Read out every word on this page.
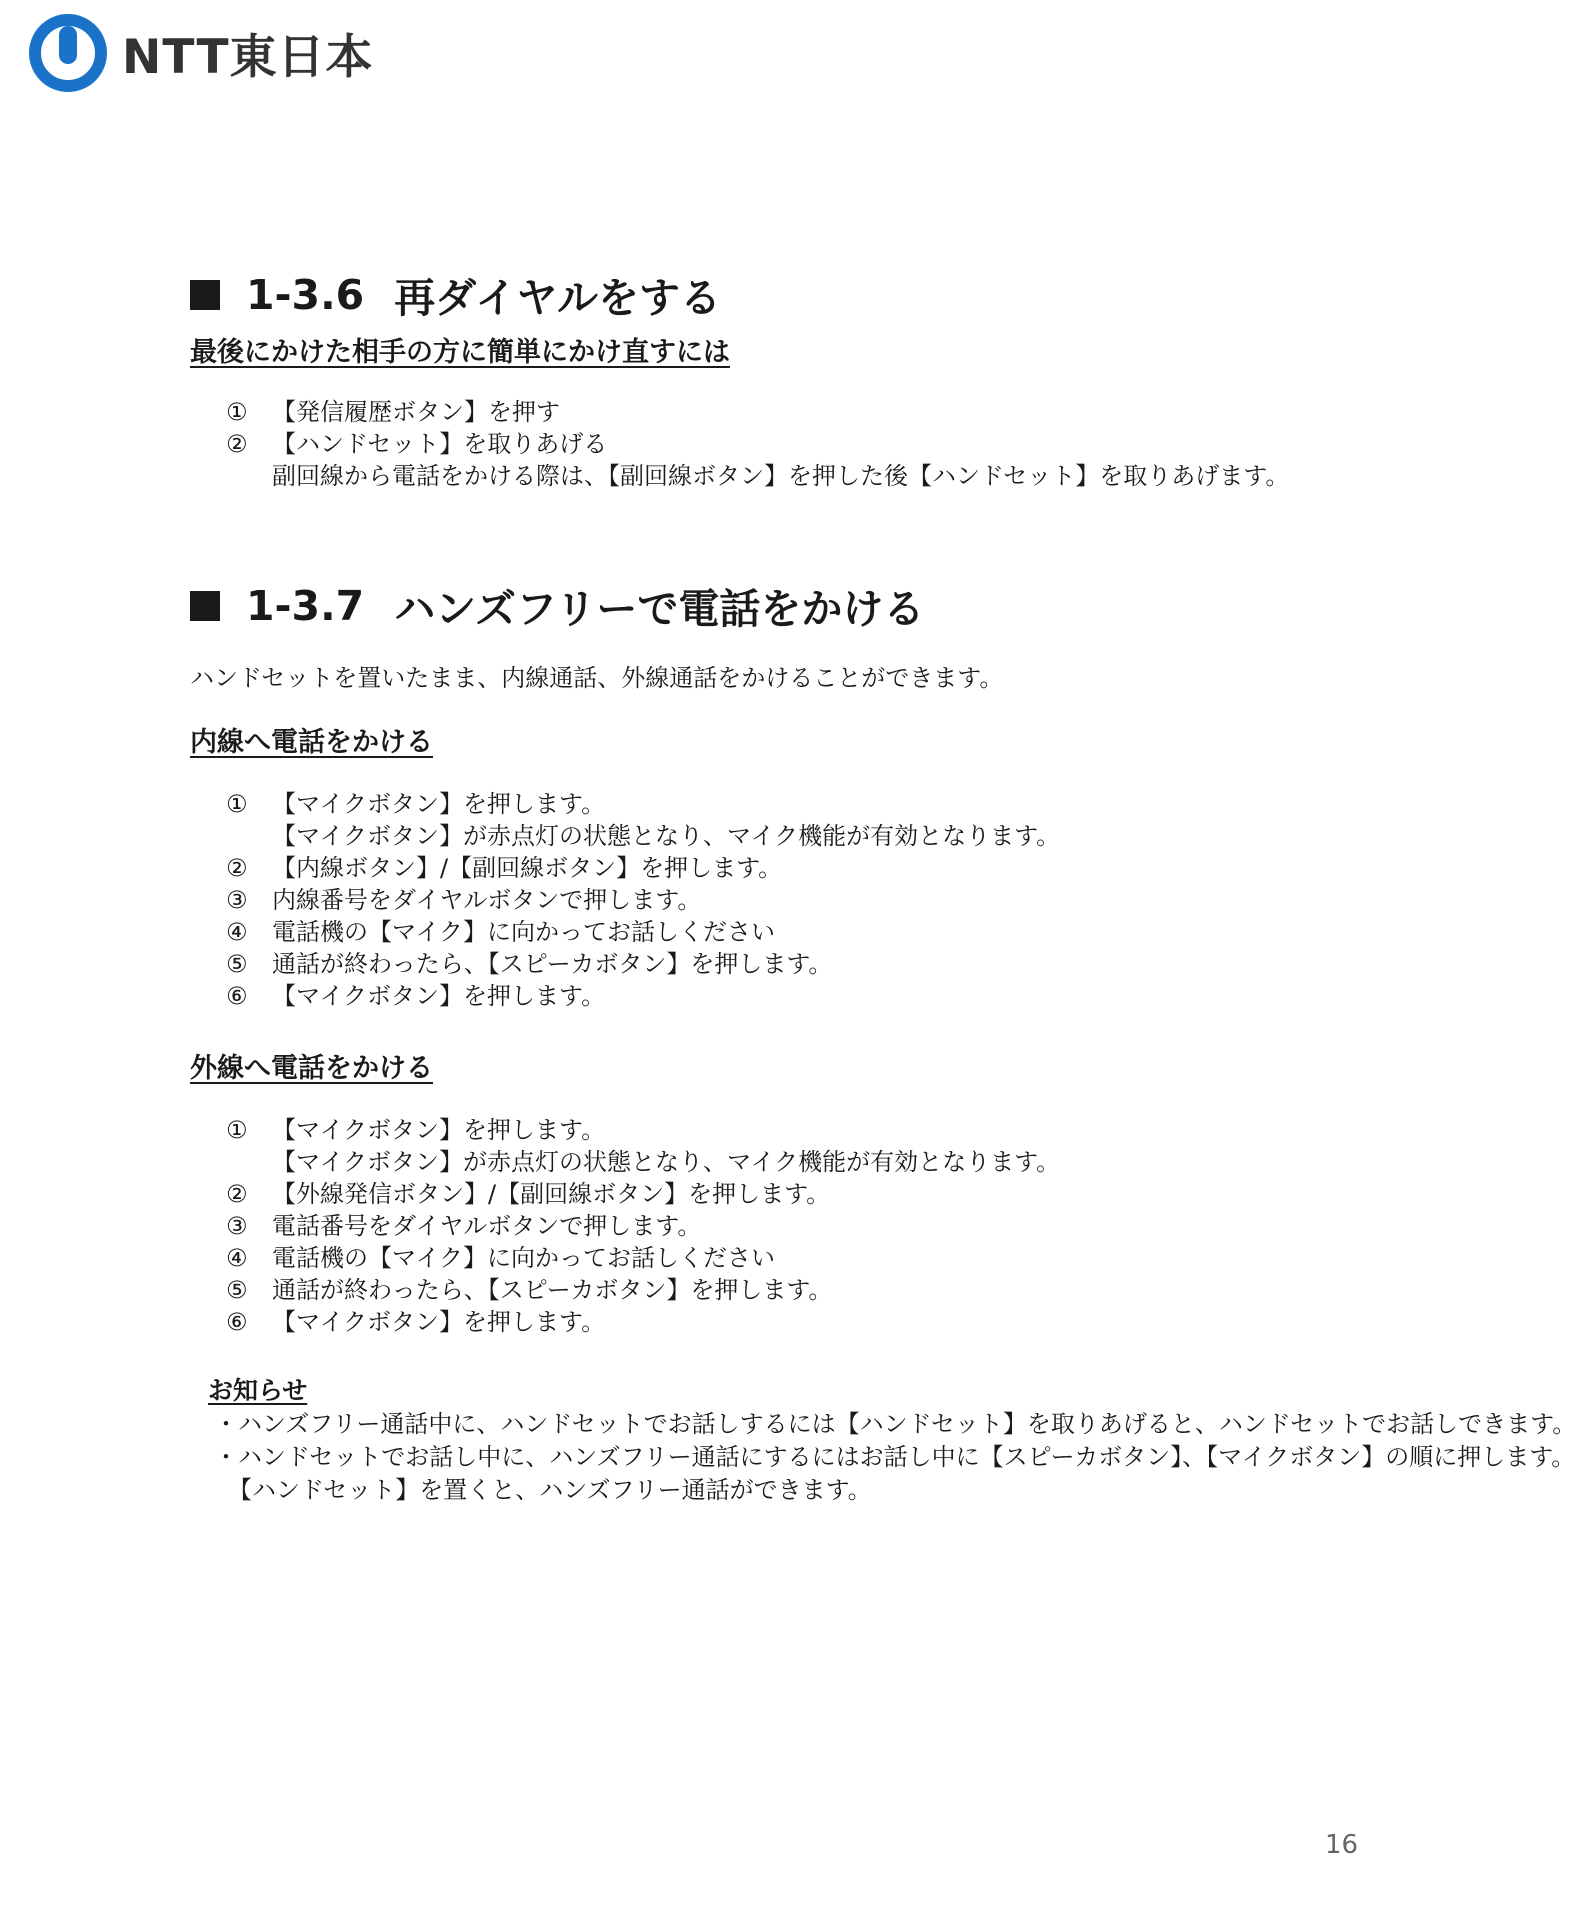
NTT東日本
1-3.6 再ダイヤルをする
最後にかけた相手の方に簡単にかけ直すには
① 【発信履歴ボタン】を押す
② 【ハンドセット】を取りあげる
副回線から電話をかける際は、【副回線ボタン】を押した後【ハンドセット】を取りあげます。
1-3.7 ハンズフリーで電話をかける
ハンドセットを置いたまま、内線通話、外線通話をかけることができます。
内線へ電話をかける
① 【マイクボタン】を押します。
【マイクボタン】が赤点灯の状態となり、マイク機能が有効となります。
② 【内線ボタン】/【副回線ボタン】を押します。
③ 内線番号をダイヤルボタンで押します。
④ 電話機の【マイク】に向かってお話しください
⑤ 通話が終わったら、【スピーカボタン】を押します。
⑥ 【マイクボタン】を押します。
外線へ電話をかける
① 【マイクボタン】を押します。
【マイクボタン】が赤点灯の状態となり、マイク機能が有効となります。
② 【外線発信ボタン】/【副回線ボタン】を押します。
③ 電話番号をダイヤルボタンで押します。
④ 電話機の【マイク】に向かってお話しください
⑤ 通話が終わったら、【スピーカボタン】を押します。
⑥ 【マイクボタン】を押します。
お知らせ
・ハンズフリー通話中に、ハンドセットでお話しするには【ハンドセット】を取りあげると、ハンドセットでお話しできます。
・ハンドセットでお話し中に、ハンズフリー通話にするにはお話し中に【スピーカボタン】、【マイクボタン】の順に押します。
【ハンドセット】を置くと、ハンズフリー通話ができます。
16
